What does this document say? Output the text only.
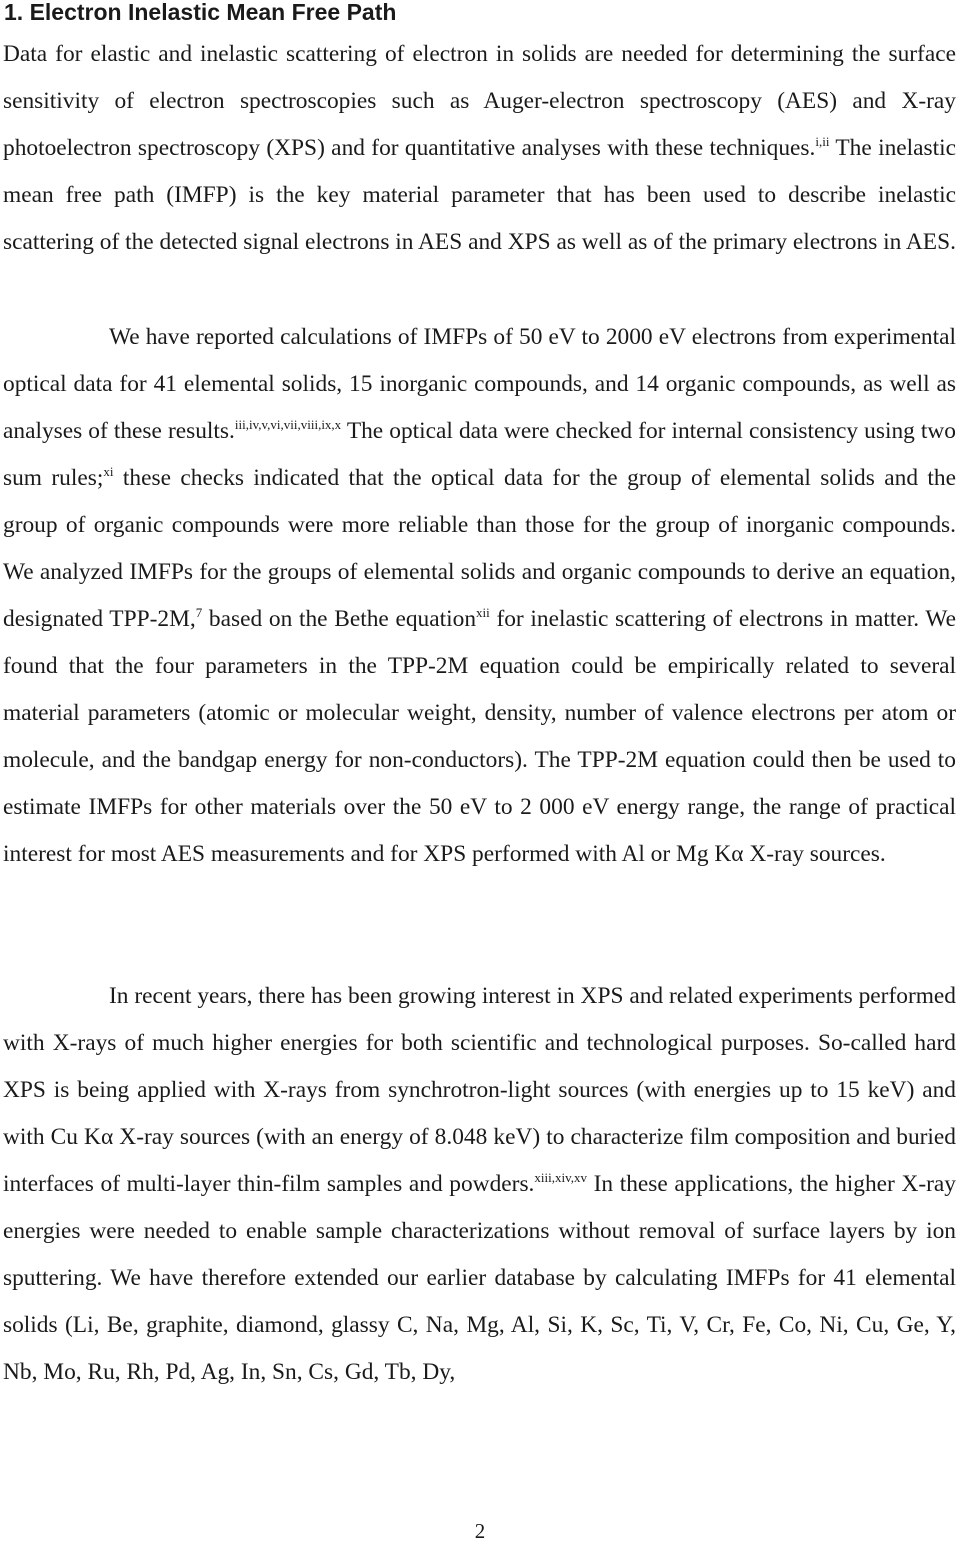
1. Electron Inelastic Mean Free Path

Data for elastic and inelastic scattering of electron in solids are needed for determining the surface sensitivity of electron spectroscopies such as Auger-electron spectroscopy (AES) and X-ray photoelectron spectroscopy (XPS) and for quantitative analyses with these techniques.$^{i,ii}$ The inelastic mean free path (IMFP) is the key material parameter that has been used to describe inelastic scattering of the detected signal electrons in AES and XPS as well as of the primary electrons in AES.

We have reported calculations of IMFPs of 50 eV to 2000 eV electrons from experimental optical data for 41 elemental solids, 15 inorganic compounds, and 14 organic compounds, as well as analyses of these results.$^{iii,iv,v,vi,vii,viii,ix,x}$ The optical data were checked for internal consistency using two sum rules;$^{xi}$ these checks indicated that the optical data for the group of elemental solids and the group of organic compounds were more reliable than those for the group of inorganic compounds. We analyzed IMFPs for the groups of elemental solids and organic compounds to derive an equation, designated TPP-2M,$^7$ based on the Bethe equation$^{xii}$ for inelastic scattering of electrons in matter. We found that the four parameters in the TPP-2M equation could be empirically related to several material parameters (atomic or molecular weight, density, number of valence electrons per atom or molecule, and the bandgap energy for non-conductors). The TPP-2M equation could then be used to estimate IMFPs for other materials over the 50 eV to 2 000 eV energy range, the range of practical interest for most AES measurements and for XPS performed with Al or Mg Kα X-ray sources.

In recent years, there has been growing interest in XPS and related experiments performed with X-rays of much higher energies for both scientific and technological purposes. So-called hard XPS is being applied with X-rays from synchrotron-light sources (with energies up to 15 keV) and with Cu Kα X-ray sources (with an energy of 8.048 keV) to characterize film composition and buried interfaces of multi-layer thin-film samples and powders.$^{xiii,xiv,xv}$ In these applications, the higher X-ray energies were needed to enable sample characterizations without removal of surface layers by ion sputtering. We have therefore extended our earlier database by calculating IMFPs for 41 elemental solids (Li, Be, graphite, diamond, glassy C, Na, Mg, Al, Si, K, Sc, Ti, V, Cr, Fe, Co, Ni, Cu, Ge, Y, Nb, Mo, Ru, Rh, Pd, Ag, In, Sn, Cs, Gd, Tb, Dy,

2
